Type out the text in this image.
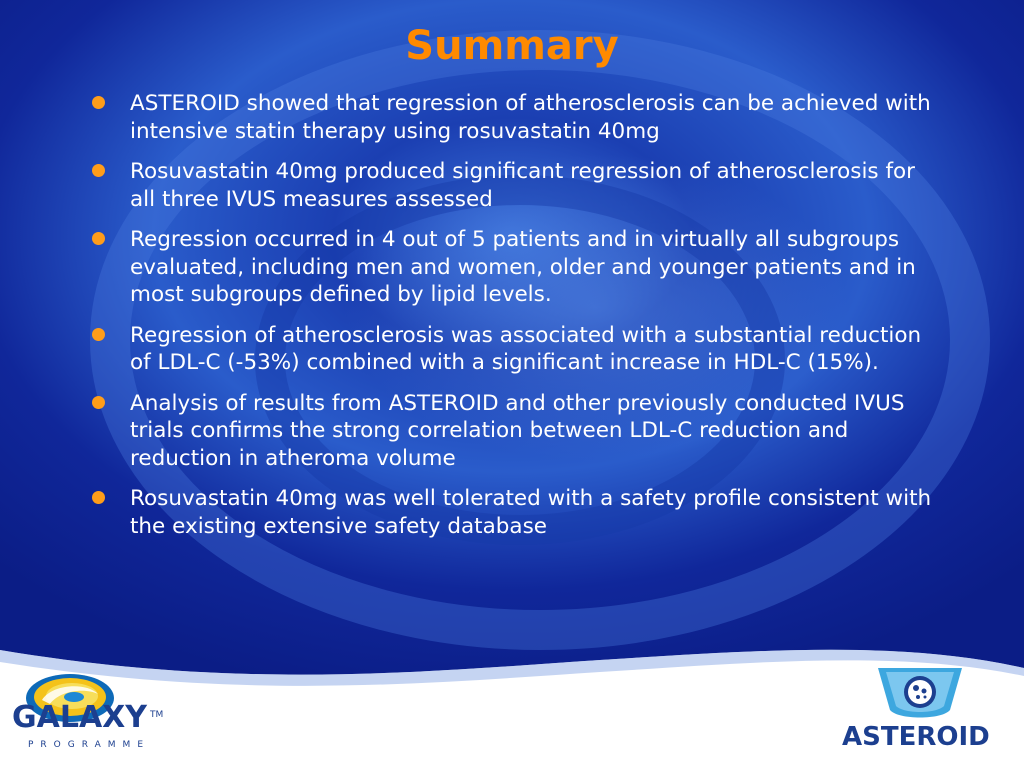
Summary
ASTEROID showed that regression of atherosclerosis can be achieved with intensive statin therapy using rosuvastatin 40mg
Rosuvastatin 40mg produced significant regression of atherosclerosis for all three IVUS measures assessed
Regression occurred in 4 out of 5 patients and in virtually all subgroups evaluated, including men and women, older and younger patients and in most subgroups defined by lipid levels.
Regression of atherosclerosis was associated with a substantial reduction of LDL-C (-53%) combined with a significant increase in HDL-C (15%).
Analysis of results from ASTEROID and other previously conducted IVUS trials confirms the strong correlation between LDL-C reduction and reduction in atheroma volume
Rosuvastatin 40mg was well tolerated with a safety profile consistent with the existing extensive safety database
GALAXY TM
PROGRAMME	ASTEROID
